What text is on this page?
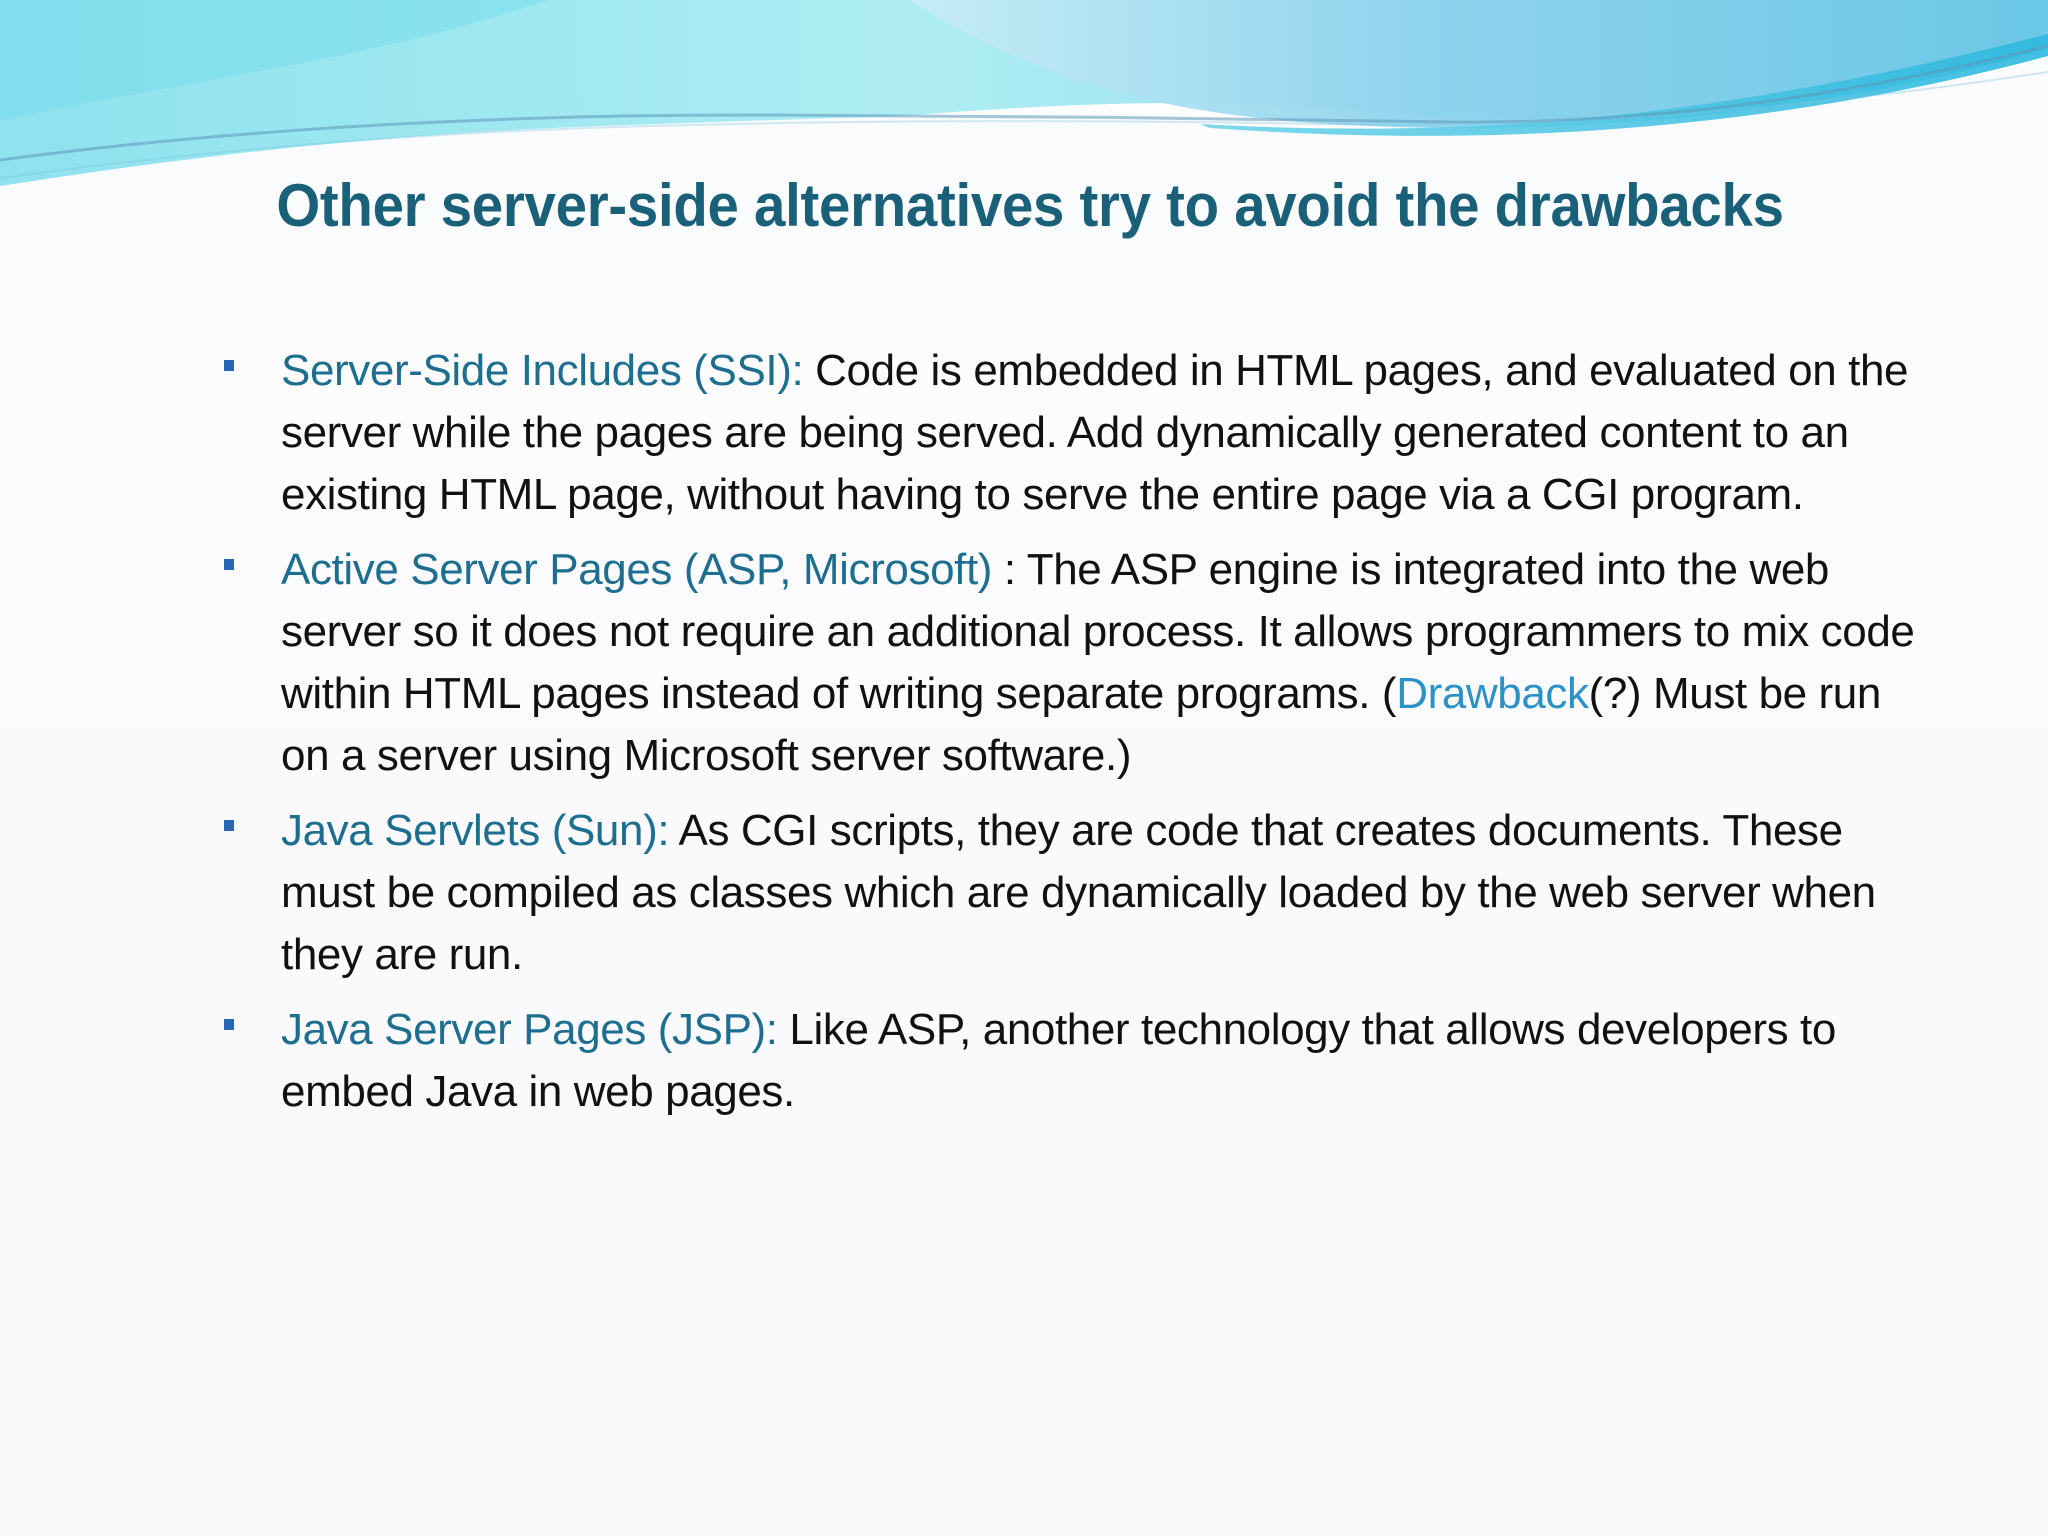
Other server-side alternatives try to avoid the drawbacks
Server-Side Includes (SSI): Code is embedded in HTML pages, and evaluated on the server while the pages are being served. Add dynamically generated content to an existing HTML page, without having to serve the entire page via a CGI program.
Active Server Pages (ASP, Microsoft) : The ASP engine is integrated into the web server so it does not require an additional process. It allows programmers to mix code within HTML pages instead of writing separate programs. (Drawback(?) Must be run on a server using Microsoft server software.)
Java Servlets (Sun): As CGI scripts, they are code that creates documents. These must be compiled as classes which are dynamically loaded by the web server when they are run.
Java Server Pages (JSP): Like ASP, another technology that allows developers to embed Java in web pages.
